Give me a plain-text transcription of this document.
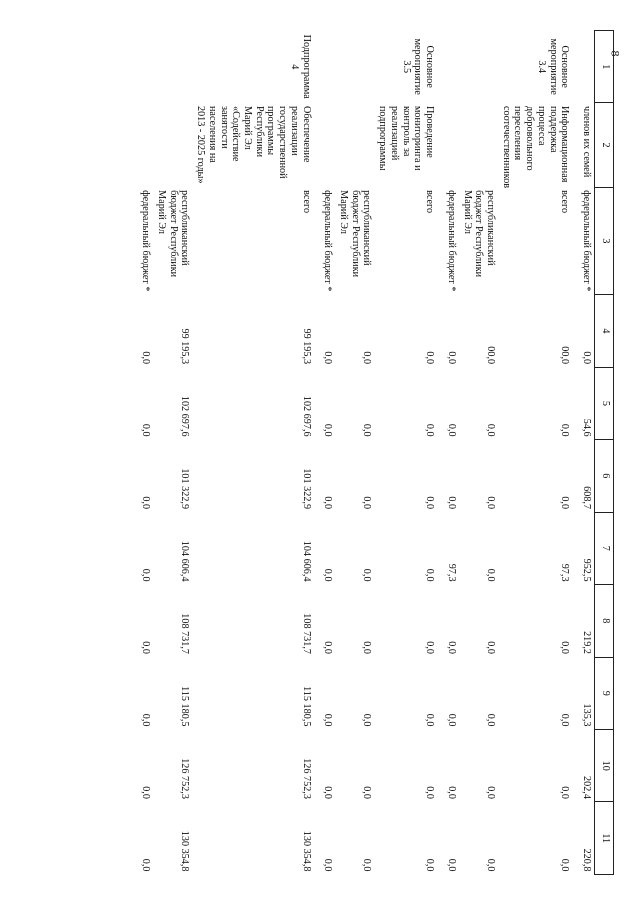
8
1	2	3	4	5	6	7	8	9	10	11
	членов их семей	федеральный бюджет *	0,0	54,6	608,7	952,5	219,2	135,3	202,4	220,8
Основное мероприятие 3.4	Информационная поддержка процесса добровольного переселения соотечественников	всего	00,0	0,0	0,0	97,3	0,0	0,0	0,0	0,0
		республиканский бюджет Республики Марий Эл	00,0	0,0	0,0	0,0	0,0	0,0	0,0	0,0
		федеральный бюджет *	0,0	0,0	0,0	97,3	0,0	0,0	0,0	0,0
Основное мероприятие 3.5	Проведение мониторинга и контроль за реализацией подпрограммы	всего	0,0	0,0	0,0	0,0	0,0	0,0	0,0	0,0
		республиканский бюджет Республики Марий Эл	0,0	0,0	0,0	0,0	0,0	0,0	0,0	0,0
		федеральный бюджет *	0,0	0,0	0,0	0,0	0,0	0,0	0,0	0,0
Подпрограмма 4	Обеспечение реализации государственной программы Республики Марий Эл «Содействие занятости населения на 2013 - 2025 годы»	всего	99 195,3	102 697,6	101 322,9	104 606,4	108 731,7	115 180,5	126 752,3	130 354,8
		республиканский бюджет Республики Марий Эл	99 195,3	102 697,6	101 322,9	104 606,4	108 731,7	115 180,5	126 752,3	130 354,8
		федеральный бюджет *	0,0	0,0	0,0	0,0	0,0	0,0	0,0	0,0
